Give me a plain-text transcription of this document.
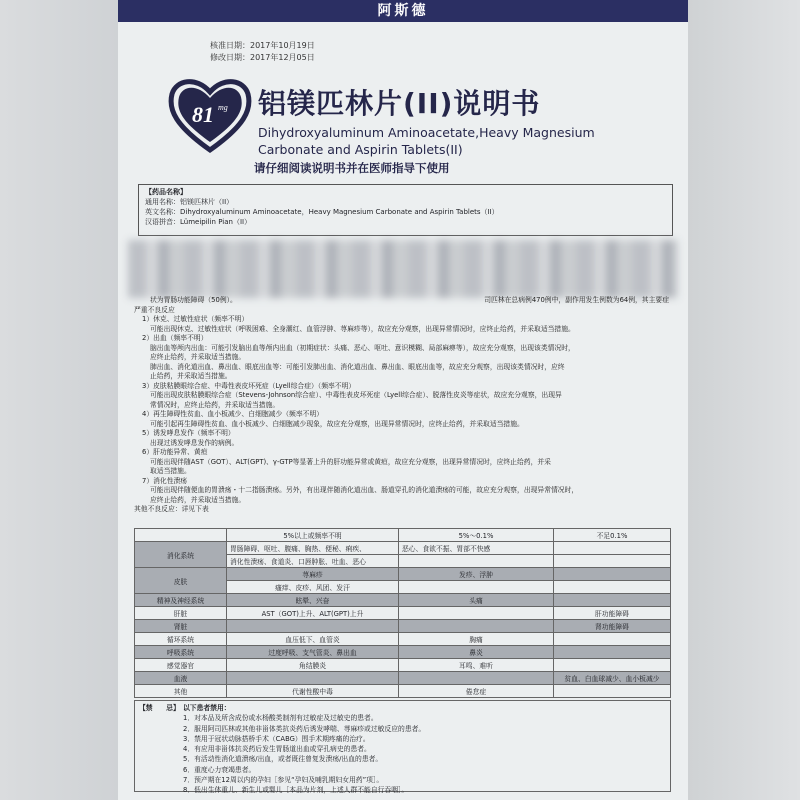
阿斯德
核准日期：2017年10月19日
修改日期：2017年12月05日
81 mg 铝镁匹林片(II)说明书
Dihydroxyaluminum Aminoacetate,Heavy Magnesium
Carbonate and Aspirin Tablets(II)
请仔细阅读说明书并在医师指导下使用
【药品名称】
通用名称：铝镁匹林片（II）
英文名称：Dihydroxyaluminum Aminoacetate，Heavy Magnesium Carbonate and Aspirin Tablets（II）
汉语拼音：Lümeipilin Pian（II）
状为胃肠功能障碍（50例）。	司匹林在总病例470例中，副作用发生例数为64例，其主要症
严重不良反应
1）休克、过敏性症状（频率不明）
可能出现休克、过敏性症状（呼吸困难、全身潮红、血管浮肿、荨麻疹等），故应充分观察，出现异常情况时，应终止给药，并采取适当措施。
2）出血（频率不明）
脑出血等颅内出血：可能引发脑出血等颅内出血（初期症状：头痛、恶心、呕吐、意识模糊、局部麻痹等），故应充分观察，出现该类情况时，
应终止给药，并采取适当措施。
肺出血、消化道出血、鼻出血、眼底出血等：可能引发肺出血、消化道出血、鼻出血、眼底出血等，故应充分观察，出现该类情况时，应终
止给药，并采取适当措施。
3）皮肤粘膜眼综合症、中毒性表皮坏死症（Lyell综合症）（频率不明）
可能出现皮肤粘膜眼综合症（Stevens-Johnson综合症）、中毒性表皮坏死症（Lyell综合症）、脱落性皮炎等症状，故应充分观察，出现异
常情况时，应终止给药，并采取适当措施。
4）再生障碍性贫血、血小板减少、白细胞减少（频率不明）
可能引起再生障碍性贫血、血小板减少、白细胞减少现象，故应充分观察，出现异常情况时，应终止给药，并采取适当措施。
5）诱发哮息发作（频率不明）
出现过诱发哮息发作的病例。
6）肝功能异常、黄疸
可能出现伴随AST（GOT）、ALT(GPT)、γ-GTP等显著上升的肝功能异常或黄疸，故应充分观察，出现异常情况时，应终止给药，并采
取适当措施。
7）消化性溃疡
可能出现伴随便血的胃溃疡・十二指肠溃疡。另外，有出现伴随消化道出血、肠道穿孔的消化道溃疡的可能，故应充分观察，出现异常情况时，
应终止给药，并采取适当措施。
其他不良反应：详见下表
	5%以上或频率不明	5%～0.1%	不足0.1%
消化系统	胃肠障碍、呕吐、腹痛、胸热、便秘、痢疾、	恶心、食欲不振、胃部不快感	
	消化性溃疡、食道炎、口唇肿胀、吐血、恶心		
皮肤	荨麻疹	发疹、浮肿	
	瘙痒、皮疹、风团、发汗		
精神及神经系统	眩晕、兴奋	头痛	
肝脏	AST（GOT)上升、ALT(GPT)上升		肝功能障碍
肾脏			肾功能障碍
循环系统	血压低下、血管炎	胸痛	
呼吸系统	过度呼吸、支气管炎、鼻出血	鼻炎	
感觉器官	角结膜炎	耳鸣、难听	
血液			贫血、白血球减少、血小板减少
其他	代谢性酸中毒	倦怠症	
【禁　　忌】 以下患者禁用：
1．对本品及所含成份或水杨酸类制剂有过敏症及过敏史的患者。
2．服用阿司匹林或其他非甾体类抗炎药后诱发哮喘、荨麻疹或过敏反应的患者。
3．禁用于冠状动脉搭桥手术（CABG）围手术期疼痛的治疗。
4．有应用非甾体抗炎药后发生胃肠道出血或穿孔病史的患者。
5．有活动性消化道溃疡/出血，或者既往曾复发溃疡/出血的患者。
6．重度心力衰竭患者。
7．预产期在12周以内的孕妇［参见“孕妇及哺乳期妇女用药”项］。
8．低出生体重儿、新生儿或婴儿［本品为片剂，上述人群不能自行吞咽］。
